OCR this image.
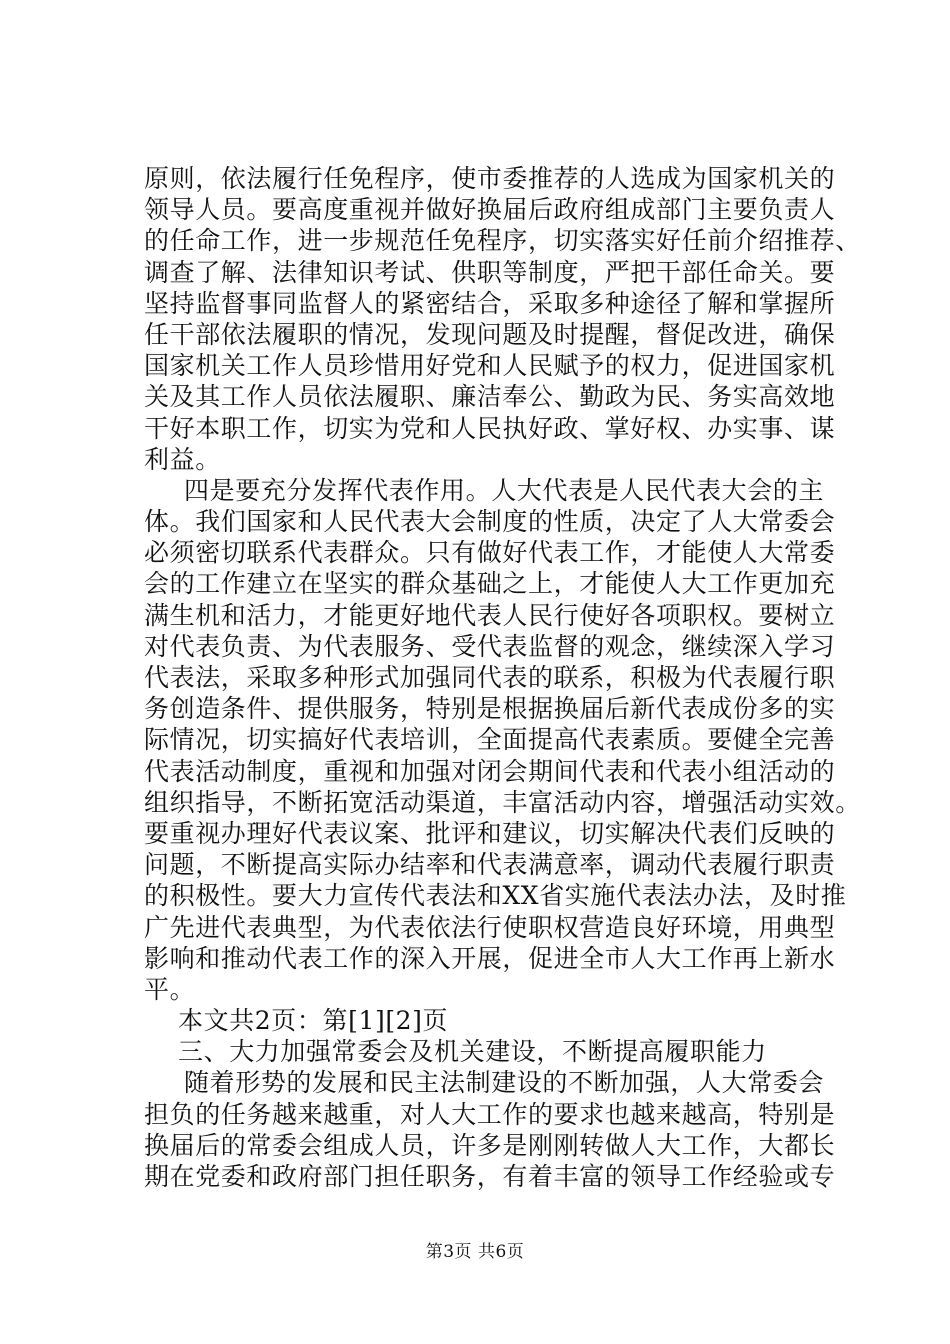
原则，依法履行任免程序，使市委推荐的人选成为国家机关的
领导人员。要高度重视并做好换届后政府组成部门主要负责人
的任命工作，进一步规范任免程序，切实落实好任前介绍推荐、
调查了解、法律知识考试、供职等制度，严把干部任命关。要
坚持监督事同监督人的紧密结合，采取多种途径了解和掌握所
任干部依法履职的情况，发现问题及时提醒，督促改进，确保
国家机关工作人员珍惜用好党和人民赋予的权力，促进国家机
关及其工作人员依法履职、廉洁奉公、勤政为民、务实高效地
干好本职工作，切实为党和人民执好政、掌好权、办实事、谋
利益。
四是要充分发挥代表作用。人大代表是人民代表大会的主
体。我们国家和人民代表大会制度的性质，决定了人大常委会
必须密切联系代表群众。只有做好代表工作，才能使人大常委
会的工作建立在坚实的群众基础之上，才能使人大工作更加充
满生机和活力，才能更好地代表人民行使好各项职权。要树立
对代表负责、为代表服务、受代表监督的观念，继续深入学习
代表法，采取多种形式加强同代表的联系，积极为代表履行职
务创造条件、提供服务，特别是根据换届后新代表成份多的实
际情况，切实搞好代表培训，全面提高代表素质。要健全完善
代表活动制度，重视和加强对闭会期间代表和代表小组活动的
组织指导，不断拓宽活动渠道，丰富活动内容，增强活动实效。
要重视办理好代表议案、批评和建议，切实解决代表们反映的
问题，不断提高实际办结率和代表满意率，调动代表履行职责
的积极性。要大力宣传代表法和XX省实施代表法办法，及时推
广先进代表典型，为代表依法行使职权营造良好环境，用典型
影响和推动代表工作的深入开展，促进全市人大工作再上新水
平。
本文共2页：第[1][2]页
三、大力加强常委会及机关建设，不断提高履职能力
随着形势的发展和民主法制建设的不断加强，人大常委会
担负的任务越来越重，对人大工作的要求也越来越高，特别是
换届后的常委会组成人员，许多是刚刚转做人大工作，大都长
期在党委和政府部门担任职务，有着丰富的领导工作经验或专
第3页 共6页
